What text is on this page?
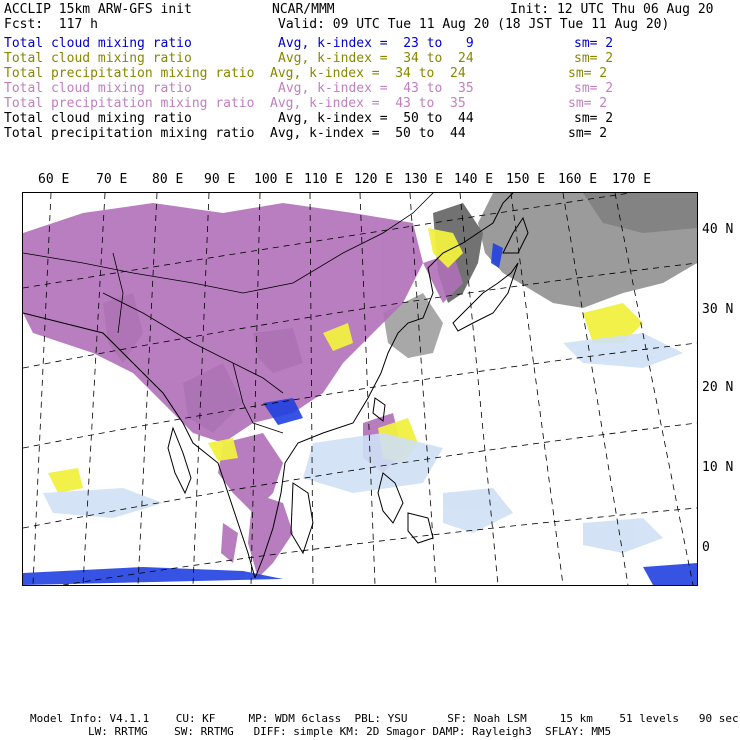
ACCLIP 15km ARW-GFS init	NCAR/MMM	Init: 12 UTC Thu 06 Aug 20
Fcst:  117 h	Valid: 09 UTC Tue 11 Aug 20 (18 JST Tue 11 Aug 20)
Total cloud mixing ratio	Avg, k-index =  23 to   9	sm= 2
Total cloud mixing ratio	Avg, k-index =  34 to  24	sm= 2
Total precipitation mixing ratio Avg, k-index =  34 to  24	sm= 2
Total cloud mixing ratio	Avg, k-index =  43 to  35	sm= 2
Total precipitation mixing ratio Avg, k-index =  43 to  35	sm= 2
Total cloud mixing ratio	Avg, k-index =  50 to  44	sm= 2
Total precipitation mixing ratio Avg, k-index =  50 to  44	sm= 2
60 E 70 E 80 E 90 E 100 E 110 E 120 E 130 E 140 E 150 E 160 E 170 E
40 N
30 N
20 N
10 N
0
Model Info: V4.1.1    CU: KF     MP: WDM 6class  PBL: YSU      SF: Noah LSM     15 km    51 levels   90 sec
LW: RRTMG    SW: RRTMG   DIFF: simple KM: 2D Smagor DAMP: Rayleigh3  SFLAY: MM5
